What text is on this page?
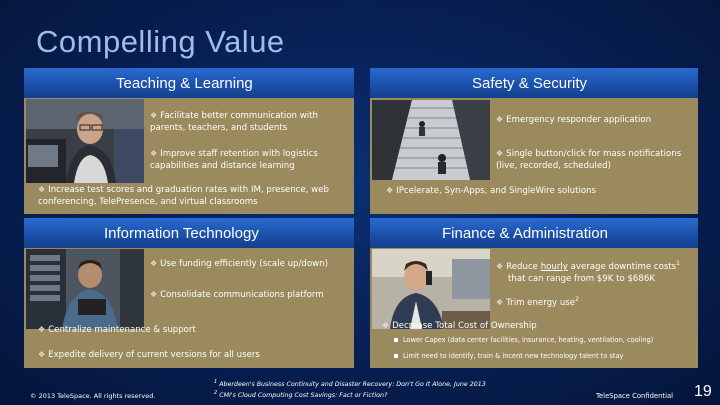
Compelling Value
Teaching & Learning
❖ Facilitate better communication with parents, teachers, and students
❖ Improve staff retention with logistics capabilities and distance learning
❖ Increase test scores and graduation rates with IM, presence, web conferencing, TelePresence, and virtual classrooms
Safety & Security
❖ Emergency responder application
❖ Single button/click for mass notifications (live, recorded, scheduled)
❖ IPcelerate, Syn-Apps, and SingleWire solutions
Information Technology
❖ Use funding efficiently (scale up/down)
❖ Consolidate communications platform
❖ Centralize maintenance & support
❖ Expedite delivery of current versions for all users
Finance & Administration
❖ Reduce hourly average downtime costs$^1$
that can range from $9K to $686K
❖ Trim energy use$^2$
❖ Decrease Total Cost of Ownership
Lower Capex (data center facilities, insurance, heating, ventilation, cooling)
Limit need to identify, train & incent new technology talent to stay
© 2013 TeleSpace. All rights reserved.
$^1$ Aberdeen's Business Continuity and Disaster Recovery: Don't Go It Alone, June 2013
$^2$ CMI's Cloud Computing Cost Savings: Fact or Fiction?	TeleSpace Confidential 19
